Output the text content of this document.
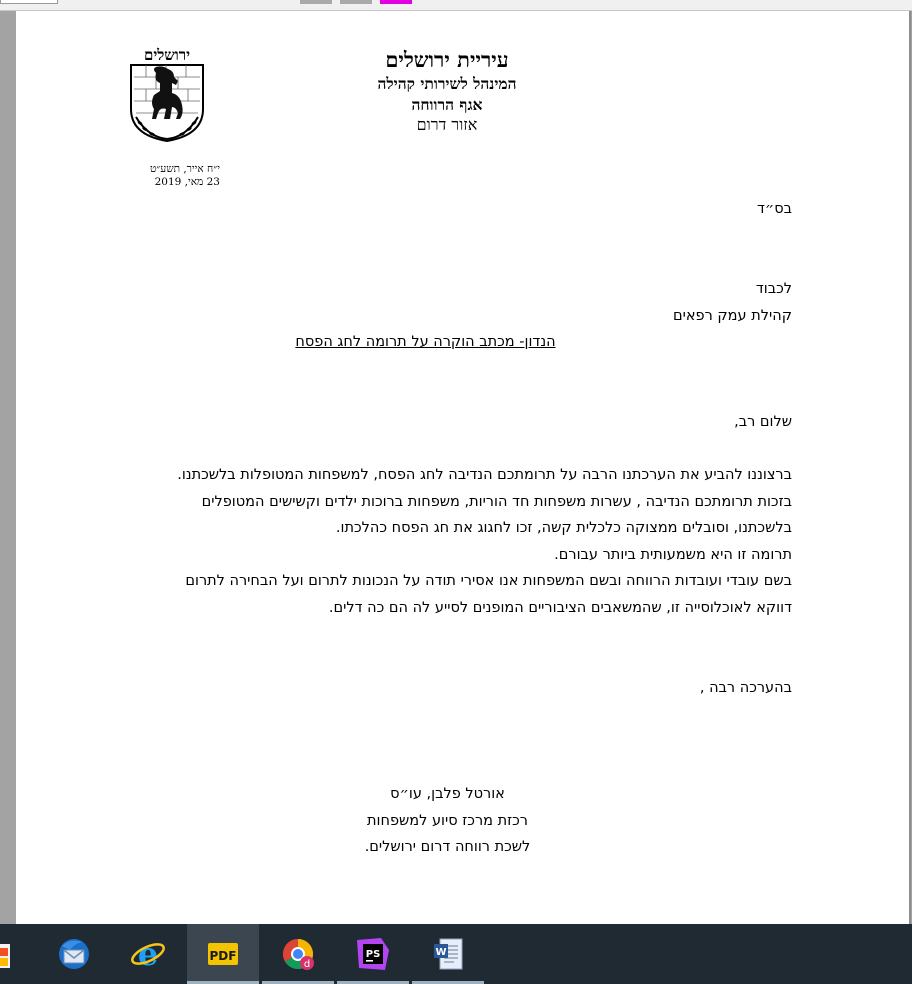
ירושלים	עיריית ירושלים
המינהל לשירותי קהילה
אגף הרווחה
אזור דרום
י״ח אייר, תשע״ט
23 מאי, 2019
בס״ד
לכבוד
קהילת עמק רפאים
הנדון- מכתב הוקרה על תרומה לחג הפסח
שלום רב,
ברצוננו להביע את הערכתנו הרבה על תרומתכם הנדיבה לחג הפסח, למשפחות המטופלות בלשכתנו.
בזכות תרומתכם הנדיבה , עשרות משפחות חד הוריות, משפחות ברוכות ילדים וקשישים המטופלים
בלשכתנו, וסובלים ממצוקה כלכלית קשה, זכו לחגוג את חג הפסח כהלכתו.
תרומה זו היא משמעותית ביותר עבורם.
בשם עובדי ועובדות הרווחה ובשם המשפחות אנו אסירי תודה על הנכונות לתרום ועל הבחירה לתרום
דווקא לאוכלוסייה זו, שהמשאבים הציבוריים המופנים לסייע לה הם כה דלים.
בהערכה רבה ,
אורטל פלבן, עו״ס
רכזת מרכז סיוע למשפחות
לשכת רווחה דרום ירושלים.
e	PDF
d
PS	W
